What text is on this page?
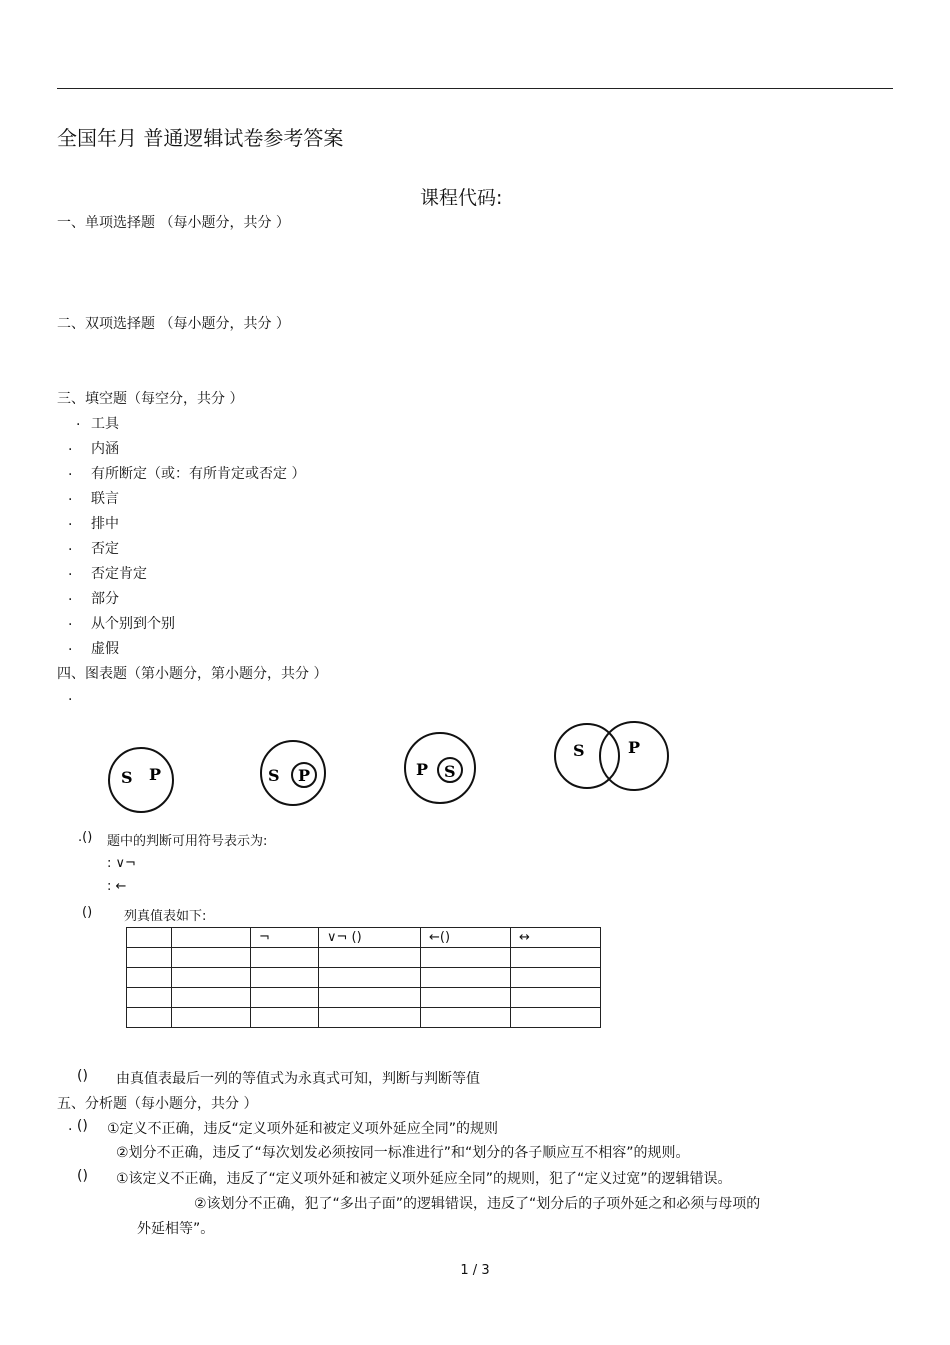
全国年月 普通逻辑试卷参考答案
课程代码:
一、单项选择题 （每小题分，共分 ）
二、双项选择题 （每小题分，共分 ）
三、填空题（每空分，共分 ）
. 工具
. 内涵
. 有所断定（或：有所肯定或否定 ）
. 联言
. 排中
. 否定
. 否定肯定
. 部分
. 从个别到个别
. 虚假
四、图表题（第小题分，第小题分，共分 ）
.
S P	S P	P S
S	P
.() 题中的判断可用符号表示为:
: ∨¬
: ←
() 列真值表如下:
		¬	∨¬ ()	←()	↔

() 由真值表最后一列的等值式为永真式可知，判断与判断等值
五、分析题（每小题分，共分 ）
. () ①定义不正确，违反“定义项外延和被定义项外延应全同”的规则
②划分不正确，违反了“每次划发必须按同一标准进行”和“划分的各子顺应互不相容”的规则。
() ①该定义不正确，违反了“定义项外延和被定义项外延应全同”的规则，犯了“定义过宽”的逻辑错误。
②该划分不正确，犯了“多出子面”的逻辑错误，违反了“划分后的子项外延之和必须与母项的
外延相等”。
1 / 3
